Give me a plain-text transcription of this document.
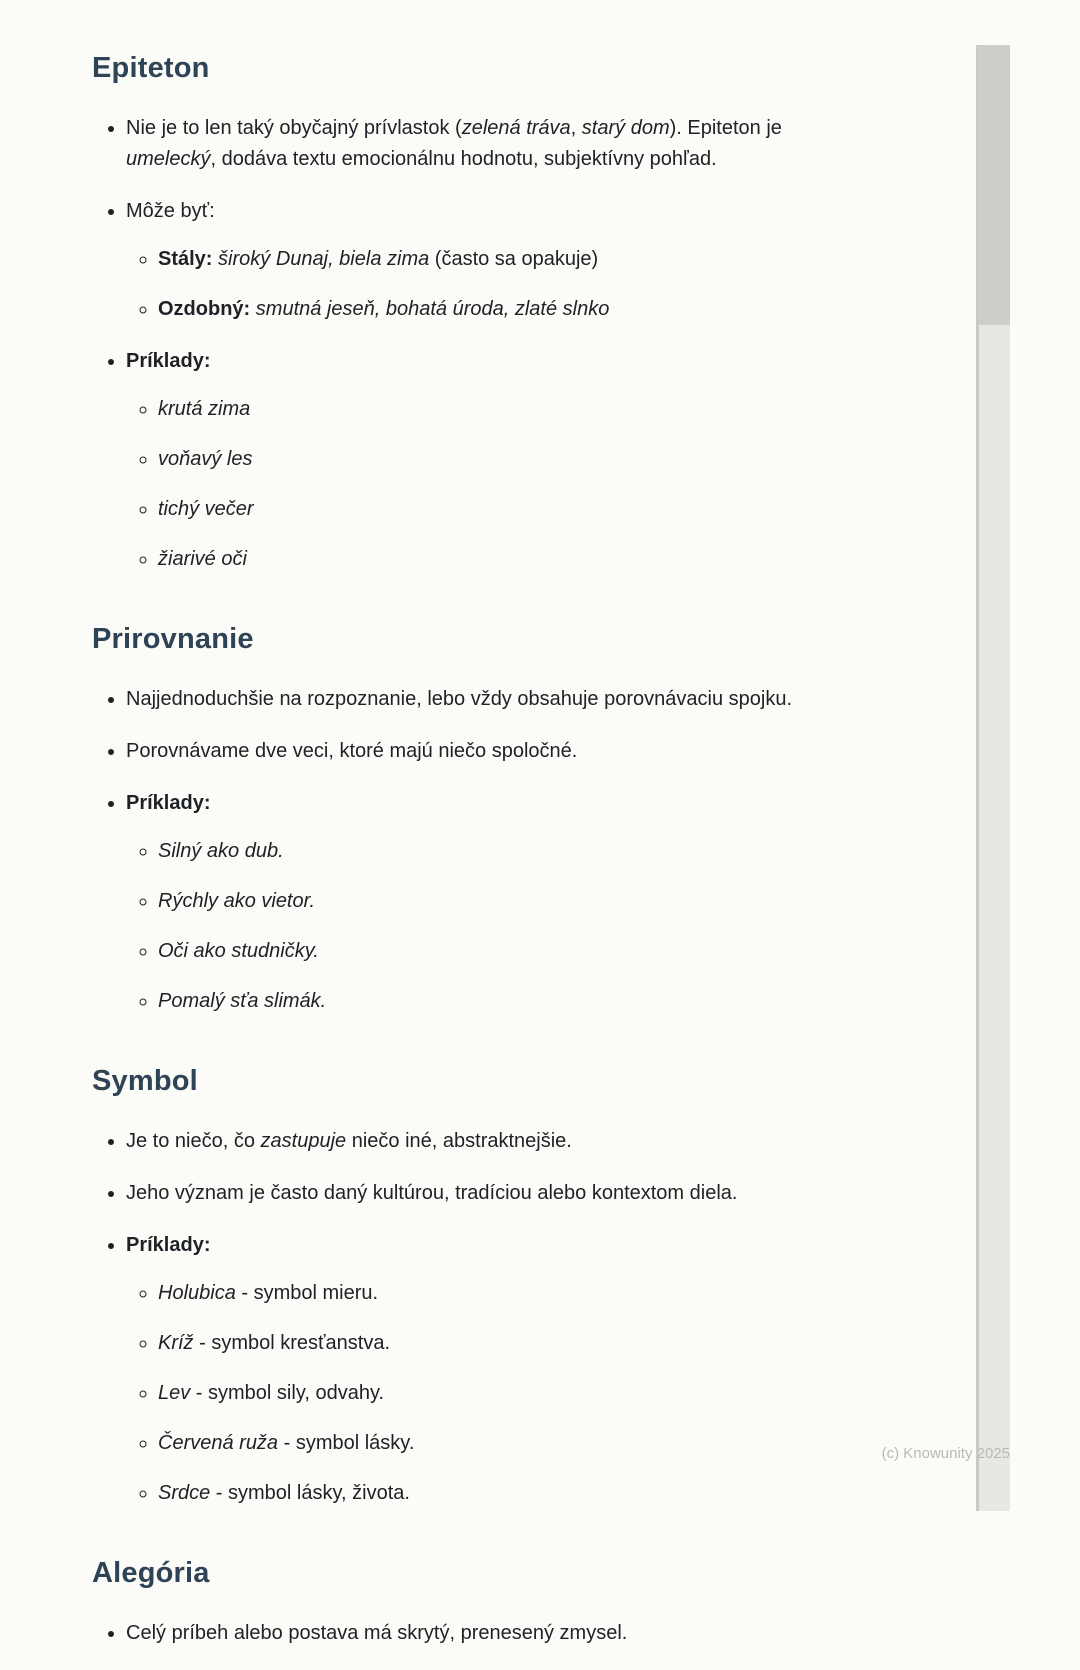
Epiteton
• Nie je to len taký obyčajný prívlastok (zelená tráva, starý dom). Epiteton je umelecký, dodáva textu emocionálnu hodnotu, subjektívny pohľad.
• Môže byť:
◦ Stály: široký Dunaj, biela zima (často sa opakuje)
◦ Ozdobný: smutná jeseň, bohatá úroda, zlaté slnko
• Príklady:
◦ krutá zima
◦ voňavý les
◦ tichý večer
◦ žiarivé oči
Prirovnanie
• Najjednoduchšie na rozpoznanie, lebo vždy obsahuje porovnávaciu spojku.
• Porovnávame dve veci, ktoré majú niečo spoločné.
• Príklady:
◦ Silný ako dub.
◦ Rýchly ako vietor.
◦ Oči ako studničky.
◦ Pomalý sťa slimák.
Symbol
• Je to niečo, čo zastupuje niečo iné, abstraktnejšie.
• Jeho význam je často daný kultúrou, tradíciou alebo kontextom diela.
• Príklady:
◦ Holubica - symbol mieru.
◦ Kríž - symbol kresťanstva.
◦ Lev - symbol sily, odvahy.
◦ Červená ruža - symbol lásky.
◦ Srdce - symbol lásky, života.
Alegória
• Celý príbeh alebo postava má skrytý, prenesený zmysel.
(c) Knowunity 2025
